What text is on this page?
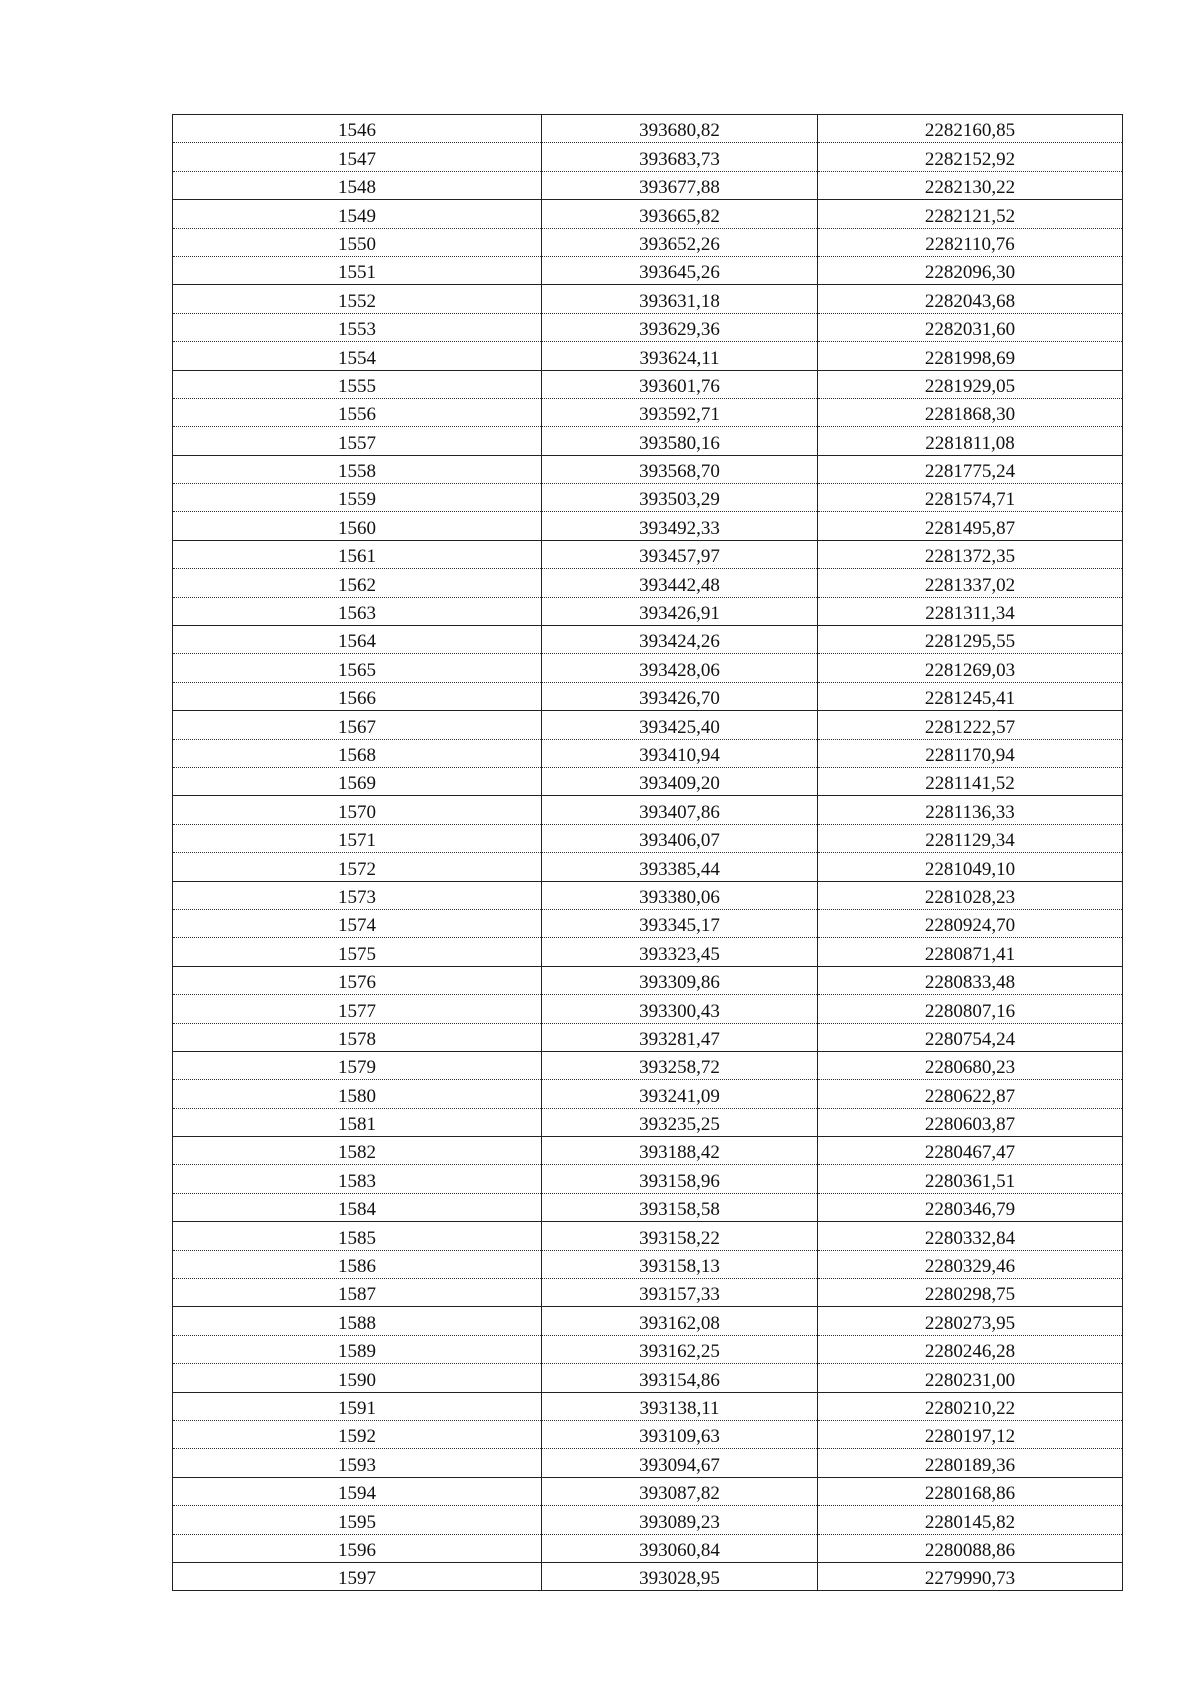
1546	393680,82	2282160,85
1547	393683,73	2282152,92
1548	393677,88	2282130,22
1549	393665,82	2282121,52
1550	393652,26	2282110,76
1551	393645,26	2282096,30
1552	393631,18	2282043,68
1553	393629,36	2282031,60
1554	393624,11	2281998,69
1555	393601,76	2281929,05
1556	393592,71	2281868,30
1557	393580,16	2281811,08
1558	393568,70	2281775,24
1559	393503,29	2281574,71
1560	393492,33	2281495,87
1561	393457,97	2281372,35
1562	393442,48	2281337,02
1563	393426,91	2281311,34
1564	393424,26	2281295,55
1565	393428,06	2281269,03
1566	393426,70	2281245,41
1567	393425,40	2281222,57
1568	393410,94	2281170,94
1569	393409,20	2281141,52
1570	393407,86	2281136,33
1571	393406,07	2281129,34
1572	393385,44	2281049,10
1573	393380,06	2281028,23
1574	393345,17	2280924,70
1575	393323,45	2280871,41
1576	393309,86	2280833,48
1577	393300,43	2280807,16
1578	393281,47	2280754,24
1579	393258,72	2280680,23
1580	393241,09	2280622,87
1581	393235,25	2280603,87
1582	393188,42	2280467,47
1583	393158,96	2280361,51
1584	393158,58	2280346,79
1585	393158,22	2280332,84
1586	393158,13	2280329,46
1587	393157,33	2280298,75
1588	393162,08	2280273,95
1589	393162,25	2280246,28
1590	393154,86	2280231,00
1591	393138,11	2280210,22
1592	393109,63	2280197,12
1593	393094,67	2280189,36
1594	393087,82	2280168,86
1595	393089,23	2280145,82
1596	393060,84	2280088,86
1597	393028,95	2279990,73
